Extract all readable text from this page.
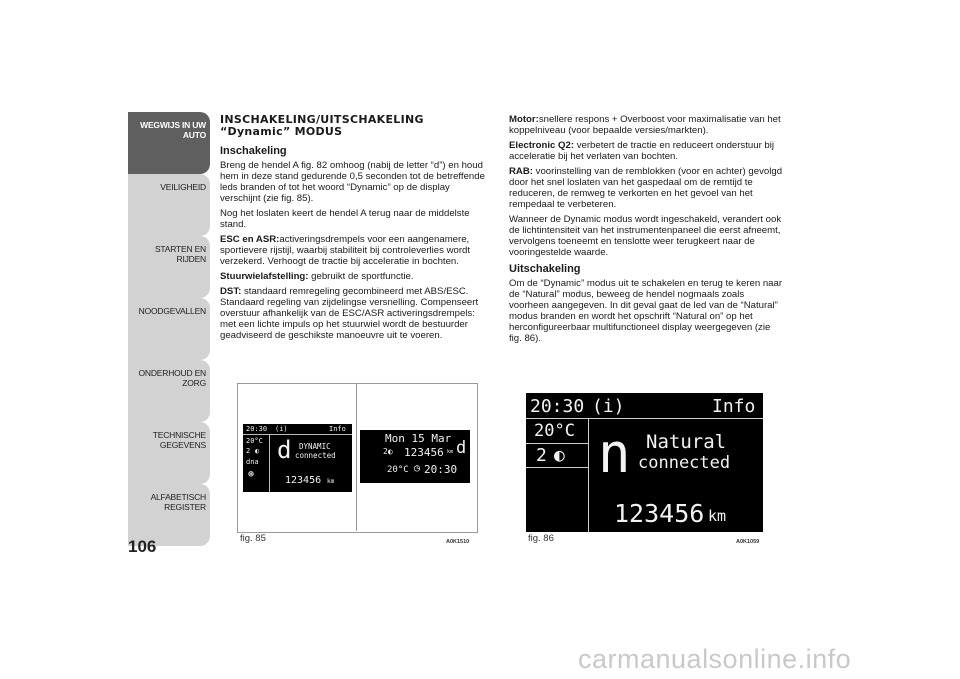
WEGWIJS IN UW AUTO
VEILIGHEID
STARTEN EN RIJDEN
NOODGEVALLEN
ONDERHOUD EN ZORG
TECHNISCHE GEGEVENS
ALFABETISCH REGISTER
106
INSCHAKELING/UITSCHAKELING
“Dynamic” MODUS
Inschakeling

Breng de hendel A fig. 82 omhoog (nabij de letter “d”) en houd hem in deze stand gedurende 0,5 seconden tot de betreffende leds branden of tot het woord “Dynamic” op de display verschijnt (zie fig. 85).

Nog het loslaten keert de hendel A terug naar de middelste stand.

ESC en ASR:activeringsdrempels voor een aangenamere, sportievere rijstijl, waarbij stabiliteit bij controleverlies wordt verzekerd. Verhoogt de tractie bij acceleratie in bochten.

Stuurwielafstelling: gebruikt de sportfunctie.

DST: standaard remregeling gecombineerd met ABS/ESC. Standaard regeling van zijdelingse versnelling. Compenseert overstuur afhankelijk van de ESC/ASR activeringsdrempels: met een lichte impuls op het stuurwiel wordt de bestuurder geadviseerd de geschikste manoeuvre uit te voeren.

Motor:snellere respons + Overboost voor maximalisatie van het koppelniveau (voor bepaalde versies/markten).

Electronic Q2: verbetert de tractie en reduceert onderstuur bij acceleratie bij het verlaten van bochten.

RAB: voorinstelling van de remblokken (voor en achter) gevolgd door het snel loslaten van het gaspedaal om de remtijd te reduceren, de remweg te verkorten en het gevoel van het rempedaal te verbeteren.

Wanneer de Dynamic modus wordt ingeschakeld, verandert ook de lichtintensiteit van het instrumentenpaneel die eerst afneemt, vervolgens toeneemt en tenslotte weer terugkeert naar de vooringestelde waarde.

Uitschakeling

Om de “Dynamic” modus uit te schakelen en terug te keren naar de “Natural” modus, beweeg de hendel nogmaals zoals voorheen aangegeven. In dit geval gaat de led van de “Natural” modus branden en wordt het opschrift “Natural on” op het herconfigureerbaar multifunctioneel display weergegeven (zie fig. 86).

20:30 (i)	Info
20°C
2 ◐
dna
⊛
d DYNAMIC
connected
123456 km
Mon 15 Mar
2◐ 123456 km d
20°C ◷ 20:30
fig. 85	A0K1510
20:30 (i)	Info
20°C
2 ◐ n Natural
connected
123456 km
fig. 86	A0K1059
carmanualsonline.info
